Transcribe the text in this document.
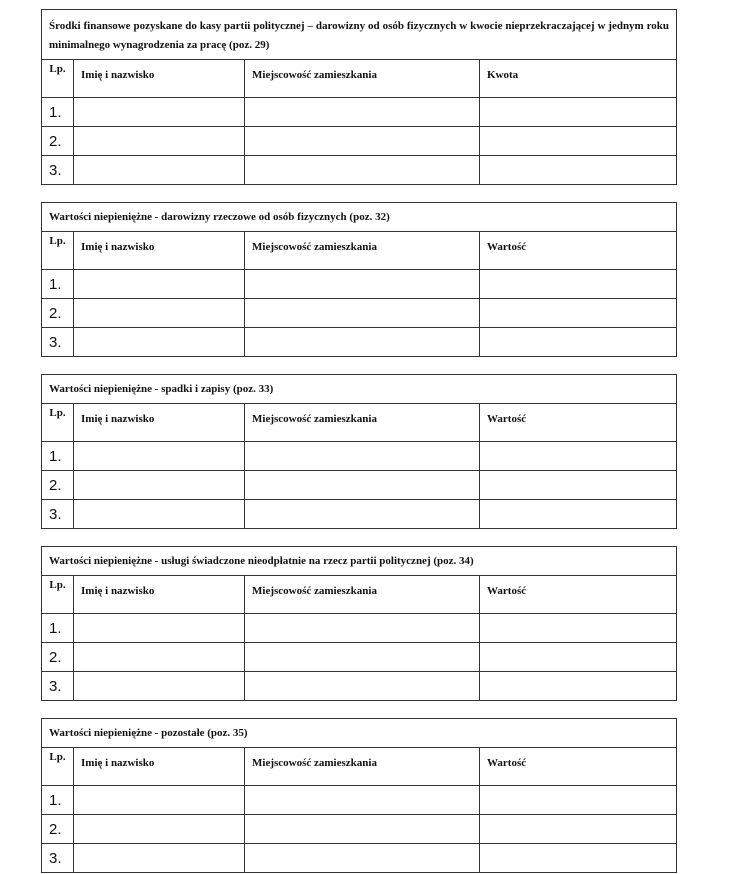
Środki finansowe pozyskane do kasy partii politycznej – darowizny od osób fizycznych w kwocie nieprzekraczającej w jednym roku minimalnego wynagrodzenia za pracę (poz. 29)			
Lp.	Imię i nazwisko	Miejscowość zamieszkania	Kwota
1.			
2.			
3.			
Wartości niepieniężne - darowizny rzeczowe od osób fizycznych (poz. 32)			
Lp.	Imię i nazwisko	Miejscowość zamieszkania	Wartość
1.			
2.			
3.			
Wartości niepieniężne - spadki i zapisy (poz. 33)			
Lp.	Imię i nazwisko	Miejscowość zamieszkania	Wartość
1.			
2.			
3.			
Wartości niepieniężne - usługi świadczone nieodpłatnie na rzecz partii politycznej (poz. 34)			
Lp.	Imię i nazwisko	Miejscowość zamieszkania	Wartość
1.			
2.			
3.			
Wartości niepieniężne - pozostałe (poz. 35)			
Lp.	Imię i nazwisko	Miejscowość zamieszkania	Wartość
1.			
2.			
3.			
